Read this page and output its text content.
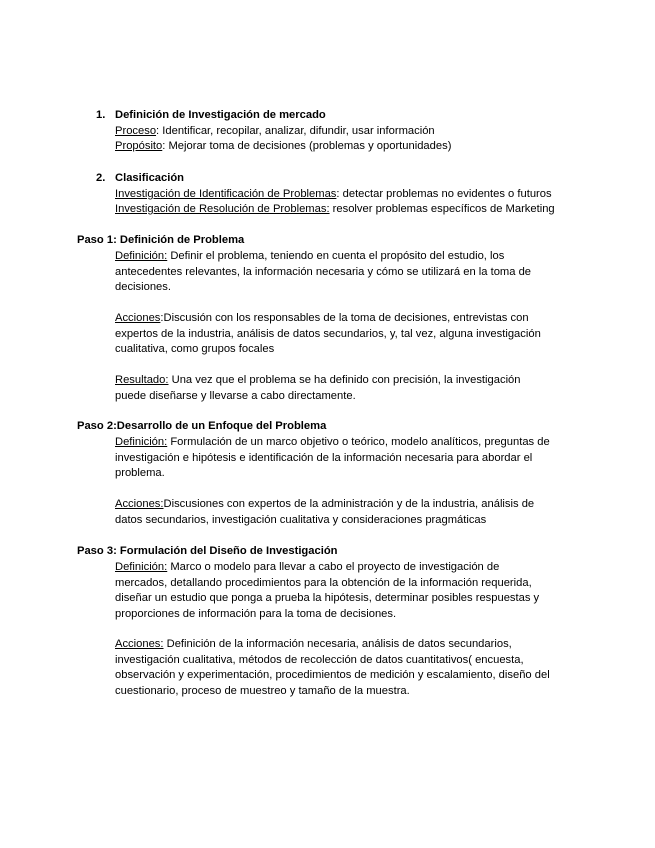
1. Definición de Investigación de mercado
Proceso: Identificar, recopilar, analizar, difundir, usar información
Propósito: Mejorar toma de decisiones (problemas y oportunidades)
2. Clasificación
Investigación de Identificación de Problemas: detectar problemas no evidentes o futuros
Investigación de Resolución de Problemas: resolver problemas específicos de Marketing
Paso 1: Definición de Problema
Definición: Definir el problema, teniendo en cuenta el propósito del estudio, los
antecedentes relevantes, la información necesaria y cómo se utilizará en la toma de
decisiones.
Acciones:Discusión con los responsables de la toma de decisiones, entrevistas con
expertos de la industria, análisis de datos secundarios, y, tal vez, alguna investigación
cualitativa, como grupos focales
Resultado: Una vez que el problema se ha definido con precisión, la investigación
puede diseñarse y llevarse a cabo directamente.
Paso 2:Desarrollo de un Enfoque del Problema
Definición: Formulación de un marco objetivo o teórico, modelo analíticos, preguntas de
investigación e hipótesis e identificación de la información necesaria para abordar el
problema.
Acciones:Discusiones con expertos de la administración y de la industria, análisis de
datos secundarios, investigación cualitativa y consideraciones pragmáticas
Paso 3: Formulación del Diseño de Investigación
Definición: Marco o modelo para llevar a cabo el proyecto de investigación de
mercados, detallando procedimientos para la obtención de la información requerida,
diseñar un estudio que ponga a prueba la hipótesis, determinar posibles respuestas y
proporciones de información para la toma de decisiones.
Acciones: Definición de la información necesaria, análisis de datos secundarios,
investigación cualitativa, métodos de recolección de datos cuantitativos( encuesta,
observación y experimentación, procedimientos de medición y escalamiento, diseño del
cuestionario, proceso de muestreo y tamaño de la muestra.
